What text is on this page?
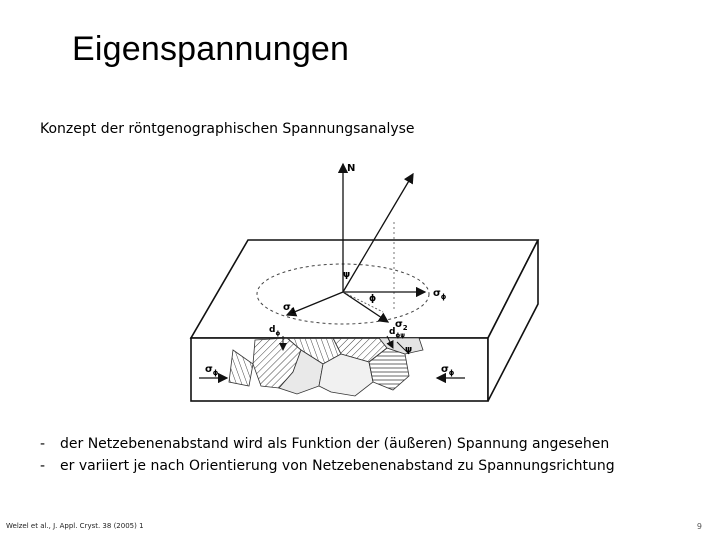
Eigenspannungen
Konzept der röntgenographischen Spannungsanalyse
N
ψ
$\sigma_\phi$
ϕ
$\sigma_1$
$\sigma_2$
$d_\phi$	$d_{\phi\psi}$
ψ
$\sigma_\phi$	$\sigma_\phi$
-	der Netzebenenabstand wird als Funktion der (äußeren) Spannung angesehen
-	er variiert je nach Orientierung von Netzebenenabstand zu Spannungsrichtung
Welzel et al., J. Appl. Cryst. 38 (2005) 1	9
